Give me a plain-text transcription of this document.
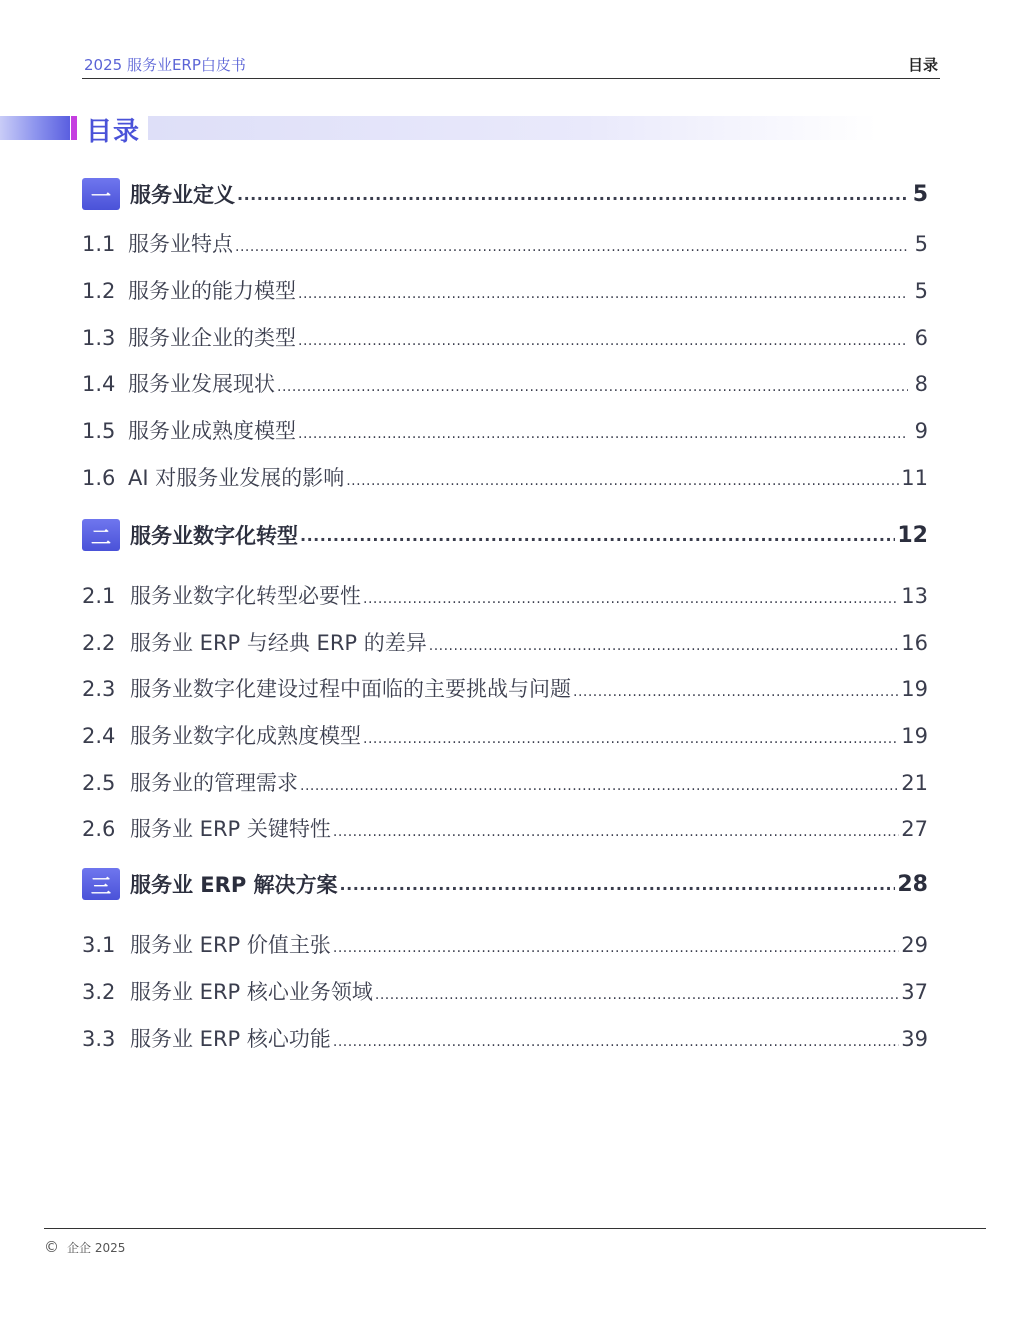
2025 服务业ERP白皮书	目录
目录
一 服务业定义 .....	5
1.1 服务业特点 .....	5
1.2 服务业的能力模型 .....	5
1.3 服务业企业的类型 .....	6
1.4 服务业发展现状 .....	8
1.5 服务业成熟度模型 .....	9
1.6 AI 对服务业发展的影响 .....	11
二 服务业数字化转型 .....	12
2.1 服务业数字化转型必要性 .....	13
2.2 服务业 ERP 与经典 ERP 的差异 .....	16
2.3 服务业数字化建设过程中面临的主要挑战与问题 .....	19
2.4 服务业数字化成熟度模型 .....	19
2.5 服务业的管理需求 .....	21
2.6 服务业 ERP 关键特性 .....	27
三 服务业 ERP 解决方案 .....	28
3.1 服务业 ERP 价值主张 .....	29
3.2 服务业 ERP 核心业务领域 .....	37
3.3 服务业 ERP 核心功能 .....	39
© 企企 2025
